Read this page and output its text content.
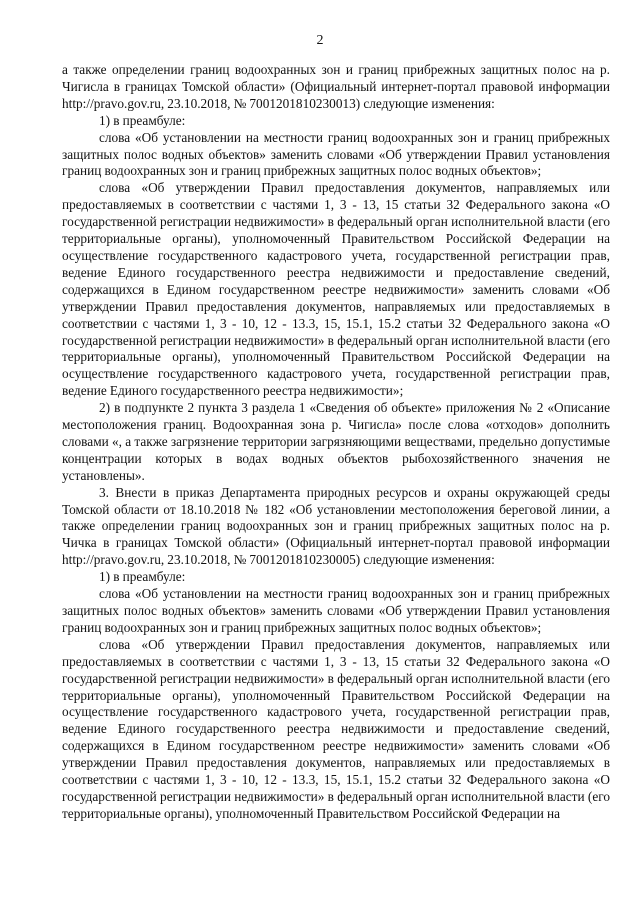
2

а также определении границ водоохранных зон и границ прибрежных защитных полос на р. Чигисла в границах Томской области» (Официальный интернет-портал правовой информации http://pravo.gov.ru, 23.10.2018, № 7001201810230013) следующие изменения:

1) в преамбуле:

слова «Об установлении на местности границ водоохранных зон и границ прибрежных защитных полос водных объектов» заменить словами «Об утверждении Правил установления границ водоохранных зон и границ прибрежных защитных полос водных объектов»;

слова «Об утверждении Правил предоставления документов, направляемых или предоставляемых в соответствии с частями 1, 3 - 13, 15 статьи 32 Федерального закона «О государственной регистрации недвижимости» в федеральный орган исполнительной власти (его территориальные органы), уполномоченный Правительством Российской Федерации на осуществление государственного кадастрового учета, государственной регистрации прав, ведение Единого государственного реестра недвижимости и предоставление сведений, содержащихся в Едином государственном реестре недвижимости» заменить словами «Об утверждении Правил предоставления документов, направляемых или предоставляемых в соответствии с частями 1, 3 - 10, 12 - 13.3, 15, 15.1, 15.2 статьи 32 Федерального закона «О государственной регистрации недвижимости» в федеральный орган исполнительной власти (его территориальные органы), уполномоченный Правительством Российской Федерации на осуществление государственного кадастрового учета, государственной регистрации прав, ведение Единого государственного реестра недвижимости»;

2) в подпункте 2 пункта 3 раздела 1 «Сведения об объекте» приложения № 2 «Описание местоположения границ. Водоохранная зона р. Чигисла» после слова «отходов» дополнить словами «, а также загрязнение территории загрязняющими веществами, предельно допустимые концентрации которых в водах водных объектов рыбохозяйственного значения не установлены».

3. Внести в приказ Департамента природных ресурсов и охраны окружающей среды Томской области от 18.10.2018 № 182 «Об установлении местоположения береговой линии, а также определении границ водоохранных зон и границ прибрежных защитных полос на р. Чичка в границах Томской области» (Официальный интернет-портал правовой информации http://pravo.gov.ru, 23.10.2018, № 7001201810230005) следующие изменения:

1) в преамбуле:

слова «Об установлении на местности границ водоохранных зон и границ прибрежных защитных полос водных объектов» заменить словами «Об утверждении Правил установления границ водоохранных зон и границ прибрежных защитных полос водных объектов»;

слова «Об утверждении Правил предоставления документов, направляемых или предоставляемых в соответствии с частями 1, 3 - 13, 15 статьи 32 Федерального закона «О государственной регистрации недвижимости» в федеральный орган исполнительной власти (его территориальные органы), уполномоченный Правительством Российской Федерации на осуществление государственного кадастрового учета, государственной регистрации прав, ведение Единого государственного реестра недвижимости и предоставление сведений, содержащихся в Едином государственном реестре недвижимости» заменить словами «Об утверждении Правил предоставления документов, направляемых или предоставляемых в соответствии с частями 1, 3 - 10, 12 - 13.3, 15, 15.1, 15.2 статьи 32 Федерального закона «О государственной регистрации недвижимости» в федеральный орган исполнительной власти (его территориальные органы), уполномоченный Правительством Российской Федерации на
